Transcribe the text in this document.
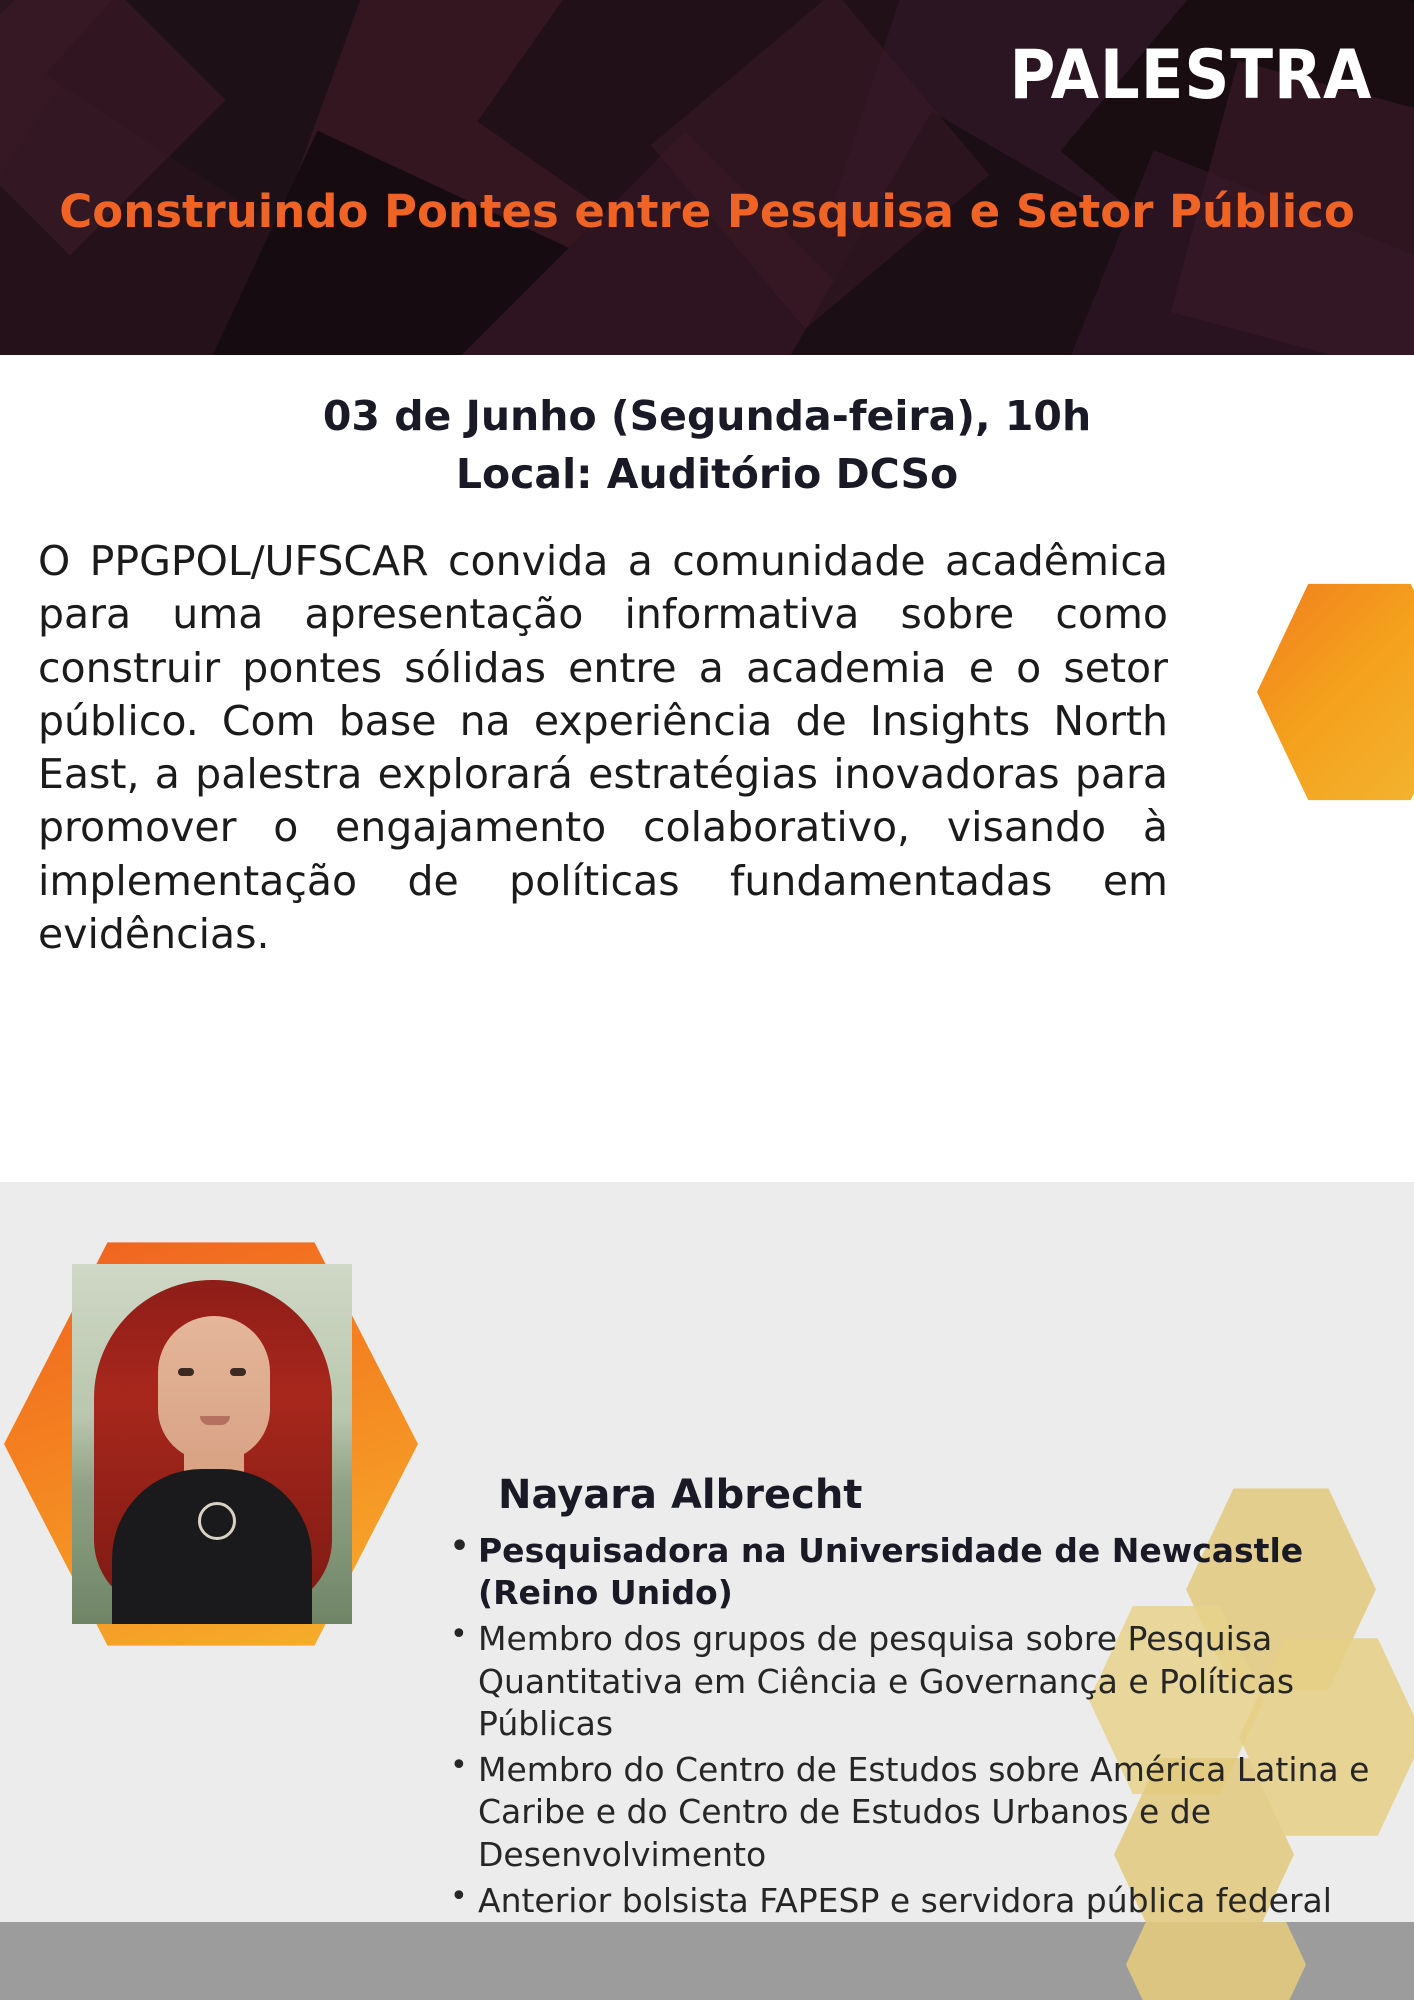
PALESTRA
Construindo Pontes entre Pesquisa e Setor Público
03 de Junho (Segunda-feira), 10h
Local: Auditório DCSo
O PPGPOL/UFSCAR convida a comunidade acadêmica para uma apresentação informativa sobre como construir pontes sólidas entre a academia e o setor público. Com base na experiência de Insights North East, a palestra explorará estratégias inovadoras para promover o engajamento colaborativo, visando à implementação de políticas fundamentadas em evidências.
Nayara Albrecht
• Pesquisadora na Universidade de Newcastle (Reino Unido)
• Membro dos grupos de pesquisa sobre Pesquisa Quantitativa em Ciência e Governança e Políticas Públicas
• Membro do Centro de Estudos sobre América Latina e Caribe e do Centro de Estudos Urbanos e de Desenvolvimento
• Anterior bolsista FAPESP e servidora pública federal
